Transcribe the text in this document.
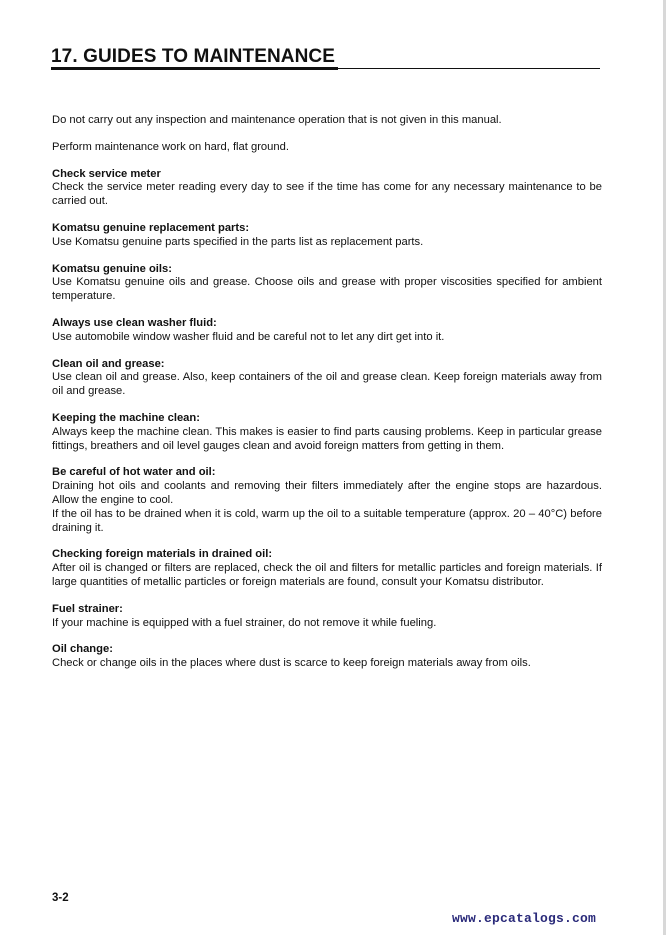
17. GUIDES TO MAINTENANCE

Do not carry out any inspection and maintenance operation that is not given in this manual.

Perform maintenance work on hard, flat ground.

Check service meter
Check the service meter reading every day to see if the time has come for any necessary maintenance to be carried out.
Komatsu genuine replacement parts:
Use Komatsu genuine parts specified in the parts list as replacement parts.
Komatsu genuine oils:
Use Komatsu genuine oils and grease. Choose oils and grease with proper viscosities specified for ambient temperature.
Always use clean washer fluid:
Use automobile window washer fluid and be careful not to let any dirt get into it.
Clean oil and grease:
Use clean oil and grease. Also, keep containers of the oil and grease clean. Keep foreign materials away from oil and grease.
Keeping the machine clean:
Always keep the machine clean. This makes is easier to find parts causing problems. Keep in particular grease fittings, breathers and oil level gauges clean and avoid foreign matters from getting in them.
Be careful of hot water and oil:
Draining hot oils and coolants and removing their filters immediately after the engine stops are hazardous. Allow the engine to cool.
If the oil has to be drained when it is cold, warm up the oil to a suitable temperature (approx. 20 – 40°C) before draining it.
Checking foreign materials in drained oil:
After oil is changed or filters are replaced, check the oil and filters for metallic particles and foreign materials. If large quantities of metallic particles or foreign materials are found, consult your Komatsu distributor.
Fuel strainer:
If your machine is equipped with a fuel strainer, do not remove it while fueling.
Oil change:
Check or change oils in the places where dust is scarce to keep foreign materials away from oils.
3-2
www.epcatalogs.com
